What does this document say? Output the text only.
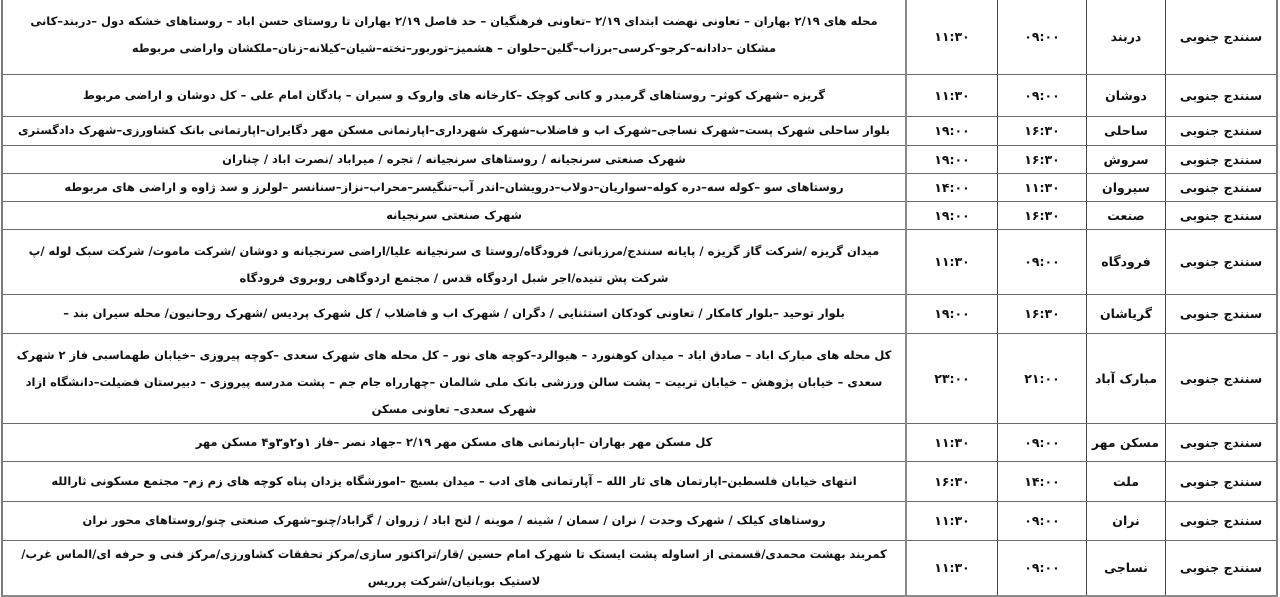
سنندج جنوبی	دربند	۰۹:۰۰	۱۱:۳۰	محله های ۲/۱۹ بهاران – تعاونی نهضت ابتدای ۲/۱۹ –تعاونی فرهنگیان – حد فاصل ۲/۱۹ بهاران تا روستای حسن اباد – روستاهای خشکه دول –دربند–کانی مشکان –دادانه–کرجو–کرسی–برزاب–گلین–حلوان – هشمیز–توربور–تخته–شیان–کیلانه–زنان–ملکشان واراضی مربوطه
سنندج جنوبی	دوشان	۰۹:۰۰	۱۱:۳۰	گریزه –شهرک کوثر– روستاهای گرمیدر و کانی کوچک –کارخانه های واروک و سیران – پادگان امام علی – کل دوشان و اراضی مربوط
سنندج جنوبی	ساحلی	۱۶:۳۰	۱۹:۰۰	بلوار ساحلی شهرک پست–شهرک نساجی–شهرک اب و فاضلاب–شهرک شهرداری–اپارتمانی مسکن مهر دگایران–اپارتمانی بانک کشاورزی–شهرک دادگستری
سنندج جنوبی	سروش	۱۶:۳۰	۱۹:۰۰	شهرک صنعتی سرنجیانه / روستاهای سرنجیانه / تجره / میراباد /نصرت اباد / چناران
سنندج جنوبی	سیروان	۱۱:۳۰	۱۴:۰۰	روستاهای سو –کوله سه–دره کوله–سواریان–دولاب–درویشان–اندر آب–تنگیسر–محراب–نزاز–سنانسر –لولرز و سد ژاوه و اراضی های مربوطه
سنندج جنوبی	صنعت	۱۶:۳۰	۱۹:۰۰	شهرک صنعتی سرنجیانه
سنندج جنوبی	فرودگاه	۰۹:۰۰	۱۱:۳۰	میدان گریزه /شرکت گاز گریزه / پایانه سنندج/مرزبانی/ فرودگاه/روستا ی سرنجیانه علیا/اراضی سرنجیانه و دوشان /شرکت ماموت/ شرکت سبک لوله /پ شرکت پش تنیده/اجر شبل اردوگاه قدس / مجتمع اردوگاهی روبروی فرودگاه
سنندج جنوبی	گریاشان	۱۶:۳۰	۱۹:۰۰	بلوار توحید –بلوار کامکار / تعاونی کودکان استثنایی / دگران / شهرک اب و فاضلاب / کل شهرک پردیس /شهرک روحانیون/ محله سیران بند –
سنندج جنوبی	مبارک آباد	۲۱:۰۰	۲۳:۰۰	کل محله های مبارک اباد – صادق اباد – میدان کوهنورد – هیوالرد–کوچه های نور – کل محله های شهرک سعدی –کوچه پیروزی –خیابان طهماسبی فاز ۲ شهرک سعدی – خیابان پژوهش – خیابان تربیت – پشت سالن ورزشی بانک ملی شالمان –چهارراه جام جم – پشت مدرسه پیروزی – دبیرستان فضیلت–دانشگاه ازاد شهرک سعدی– تعاونی مسکن
سنندج جنوبی	مسکن مهر	۰۹:۰۰	۱۱:۳۰	کل مسکن مهر بهاران –اپارتمانی های مسکن مهر ۲/۱۹ –جهاد نصر –فاز ۱و۲و۳و۴ مسکن مهر
سنندج جنوبی	ملت	۱۴:۰۰	۱۶:۳۰	انتهای خیابان فلسطین–اپارتمان های ثار الله – آپارتمانی های ادب – میدان بسیج –اموزشگاه یزدان پناه کوچه های زم زم– مجتمع مسکونی ثارالله
سنندج جنوبی	نران	۰۹:۰۰	۱۱:۳۰	روستاهای کیلک / شهرک وحدت / نران / سمان / شینه / موینه / لنج اباد / زروان / گراباد/چنو–شهرک صنعتی چنو/روستاهای محور نران
سنندج جنوبی	نساجی	۰۹:۰۰	۱۱:۳۰	کمربند بهشت محمدی/قسمتی از اساوله پشت ایستک تا شهرک امام حسین /قار/تراکتور سازی/مرکز تحققات کشاورزی/مرکز فنی و حرفه ای/الماس غرب/لاستیک بوبانیان/شرکت پرریس
